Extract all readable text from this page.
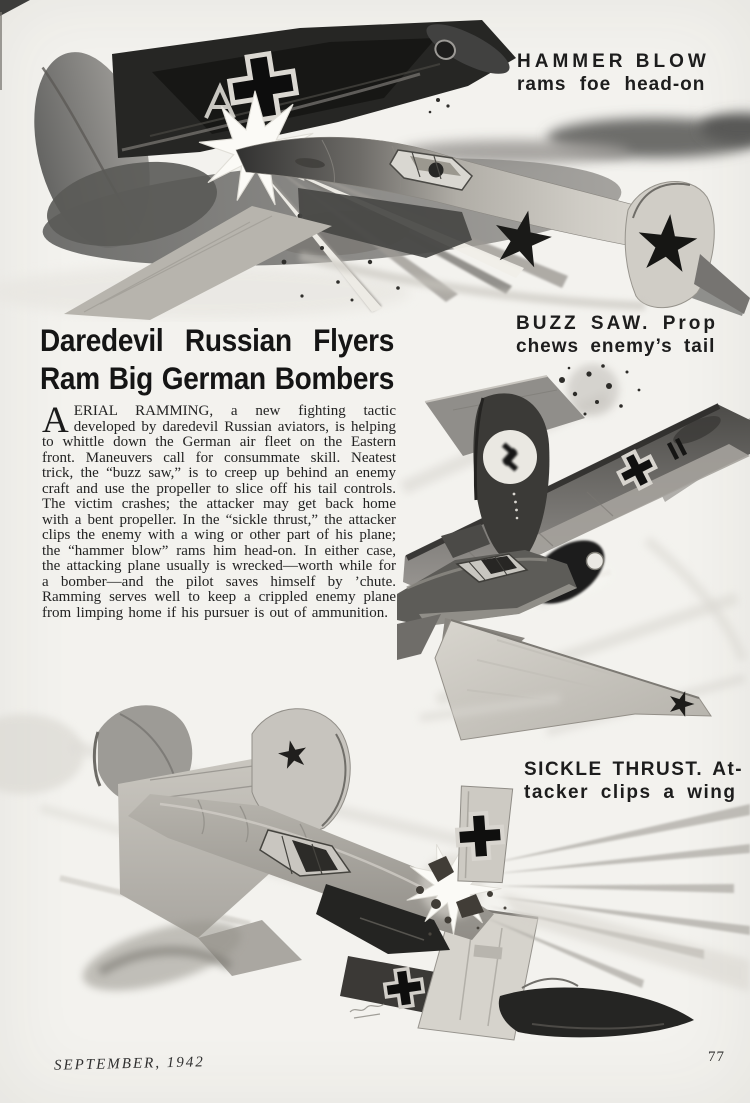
HAMMER BLOW
rams foe head-on
Daredevil Russian Flyers
Ram Big German Bombers

AERIAL RAMMING, a new fighting tactic developed by daredevil Russian aviators, is helping to whittle down the German air fleet on the Eastern front. Maneuvers call for consummate skill. Neatest trick, the “buzz saw,” is to creep up behind an enemy craft and use the propeller to slice off his tail controls. The victim crashes; the attacker may get back home with a bent propeller. In the “sickle thrust,” the attacker clips the enemy with a wing or other part of his plane; the “hammer blow” rams him head-on. In either case, the attacking plane usually is wrecked—worth while for a bomber—and the pilot saves himself by ’chute. Ramming serves well to keep a crippled enemy plane from limping home if his pursuer is out of ammunition.

BUZZ SAW. Prop
chews enemy’s tail
SICKLE THRUST. At-
tacker clips a wing
SEPTEMBER, 1942	77
